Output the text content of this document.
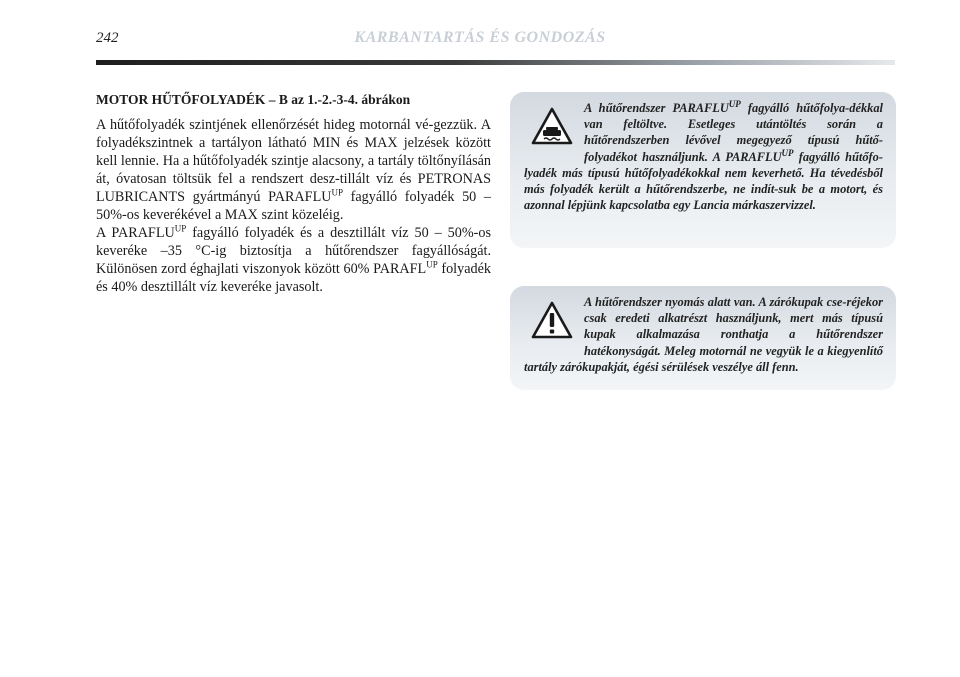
242	KARBANTARTÁS ÉS GONDOZÁS
MOTOR HŰTŐFOLYADÉK – B az 1.-2.-3-4. ábrákon

A hűtőfolyadék szintjének ellenőrzését hideg motornál vé-gezzük. A folyadékszintnek a tartályon látható MIN és MAX jelzések között kell lennie. Ha a hűtőfolyadék szintje alacsony, a tartály töltőnyílásán át, óvatosan töltsük fel a rendszert desz-tillált víz és PETRONAS LUBRICANTS gyártmányú $PARAFLU^{UP}$ fagyálló folyadék 50 – 50%-os keverékével a MAX szint közeléig.

A $PARAFLU^{UP}$ fagyálló folyadék és a desztillált víz 50 – 50%-os keveréke –35 °C-ig biztosítja a hűtőrendszer fagyállóságát. Különösen zord éghajlati viszonyok között 60% $PARAFL^{UP}$ folyadék és 40% desztillált víz keveréke javasolt.

A hűtőrendszer $PARAFLU^{UP}$ fagyálló hűtőfolya-dékkal van feltöltve. Esetleges utántöltés során a hűtőrendszerben lévővel megegyező típusú hűtő-folyadékot használjunk. A $PARAFLU^{UP}$ fagyálló hűtőfo-lyadék más típusú hűtőfolyadékokkal nem keverhető. Ha tévedésből más folyadék került a hűtőrendszerbe, ne indít-suk be a motort, és azonnal lépjünk kapcsolatba egy Lancia márkaszervizzel.
A hűtőrendszer nyomás alatt van. A zárókupak cse-réjekor csak eredeti alkatrészt használjunk, mert más típusú kupak alkalmazása ronthatja a hűtőrendszer hatékonyságát. Meleg motornál ne vegyük le a kiegyenlítő tartály zárókupakját, égési sérülések veszélye áll fenn.
